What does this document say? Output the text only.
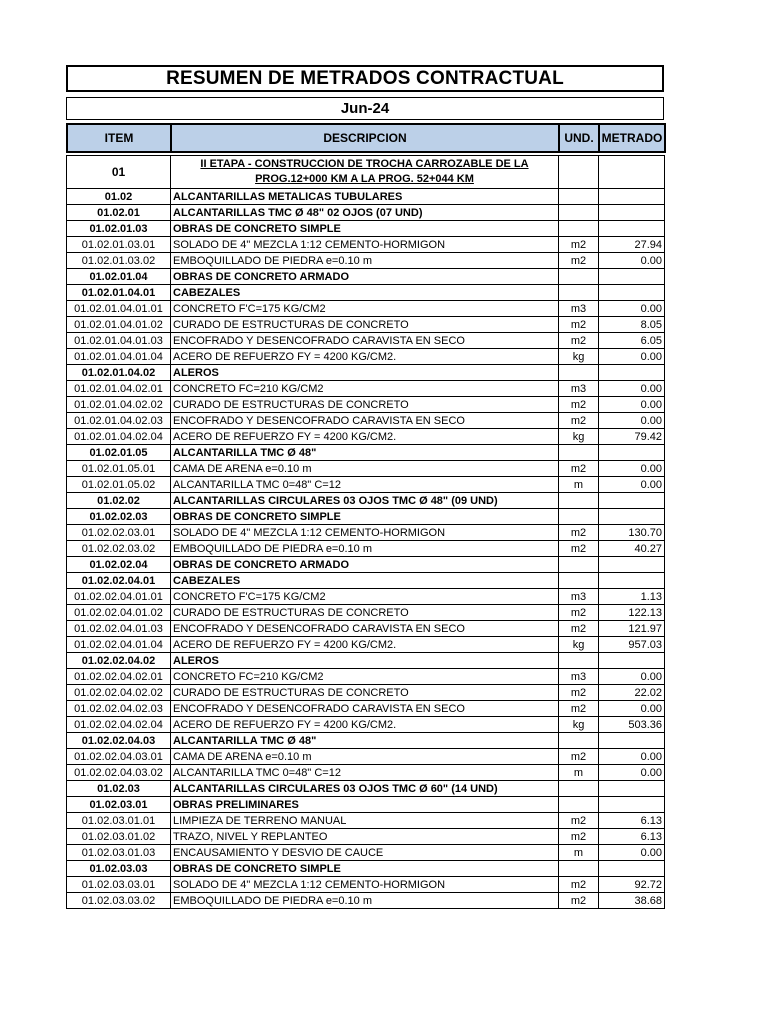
RESUMEN DE METRADOS CONTRACTUAL
Jun-24
ITEM	DESCRIPCION	UND.	METRADO
01	II ETAPA - CONSTRUCCION DE TROCHA CARROZABLE DE LA PROG.12+000 KM A LA PROG. 52+044 KM		
01.02	ALCANTARILLAS METALICAS TUBULARES		
01.02.01	ALCANTARILLAS TMC Ø 48" 02 OJOS (07 UND)		
01.02.01.03	OBRAS DE CONCRETO SIMPLE		
01.02.01.03.01	SOLADO DE 4" MEZCLA 1:12 CEMENTO-HORMIGON	m2	27.94
01.02.01.03.02	EMBOQUILLADO DE PIEDRA e=0.10 m	m2	0.00
01.02.01.04	OBRAS DE CONCRETO ARMADO		
01.02.01.04.01	CABEZALES		
01.02.01.04.01.01	CONCRETO F'C=175 KG/CM2	m3	0.00
01.02.01.04.01.02	CURADO DE ESTRUCTURAS DE CONCRETO	m2	8.05
01.02.01.04.01.03	ENCOFRADO Y DESENCOFRADO CARAVISTA EN SECO	m2	6.05
01.02.01.04.01.04	ACERO DE REFUERZO FY = 4200 KG/CM2.	kg	0.00
01.02.01.04.02	ALEROS		
01.02.01.04.02.01	CONCRETO FC=210 KG/CM2	m3	0.00
01.02.01.04.02.02	CURADO DE ESTRUCTURAS DE CONCRETO	m2	0.00
01.02.01.04.02.03	ENCOFRADO Y DESENCOFRADO CARAVISTA EN SECO	m2	0.00
01.02.01.04.02.04	ACERO DE REFUERZO FY = 4200 KG/CM2.	kg	79.42
01.02.01.05	ALCANTARILLA TMC Ø 48"		
01.02.01.05.01	CAMA DE ARENA e=0.10 m	m2	0.00
01.02.01.05.02	ALCANTARILLA TMC 0=48" C=12	m	0.00
01.02.02	ALCANTARILLAS CIRCULARES 03 OJOS TMC Ø 48" (09 UND)		
01.02.02.03	OBRAS DE CONCRETO SIMPLE		
01.02.02.03.01	SOLADO DE 4" MEZCLA 1:12 CEMENTO-HORMIGON	m2	130.70
01.02.02.03.02	EMBOQUILLADO DE PIEDRA e=0.10 m	m2	40.27
01.02.02.04	OBRAS DE CONCRETO ARMADO		
01.02.02.04.01	CABEZALES		
01.02.02.04.01.01	CONCRETO F'C=175 KG/CM2	m3	1.13
01.02.02.04.01.02	CURADO DE ESTRUCTURAS DE CONCRETO	m2	122.13
01.02.02.04.01.03	ENCOFRADO Y DESENCOFRADO CARAVISTA EN SECO	m2	121.97
01.02.02.04.01.04	ACERO DE REFUERZO FY = 4200 KG/CM2.	kg	957.03
01.02.02.04.02	ALEROS		
01.02.02.04.02.01	CONCRETO FC=210 KG/CM2	m3	0.00
01.02.02.04.02.02	CURADO DE ESTRUCTURAS DE CONCRETO	m2	22.02
01.02.02.04.02.03	ENCOFRADO Y DESENCOFRADO CARAVISTA EN SECO	m2	0.00
01.02.02.04.02.04	ACERO DE REFUERZO FY = 4200 KG/CM2.	kg	503.36
01.02.02.04.03	ALCANTARILLA TMC Ø 48"		
01.02.02.04.03.01	CAMA DE ARENA e=0.10 m	m2	0.00
01.02.02.04.03.02	ALCANTARILLA TMC 0=48" C=12	m	0.00
01.02.03	ALCANTARILLAS CIRCULARES 03 OJOS TMC Ø 60" (14 UND)		
01.02.03.01	OBRAS PRELIMINARES		
01.02.03.01.01	LIMPIEZA DE TERRENO MANUAL	m2	6.13
01.02.03.01.02	TRAZO, NIVEL Y REPLANTEO	m2	6.13
01.02.03.01.03	ENCAUSAMIENTO Y DESVIO DE CAUCE	m	0.00
01.02.03.03	OBRAS DE CONCRETO SIMPLE		
01.02.03.03.01	SOLADO DE 4" MEZCLA 1:12 CEMENTO-HORMIGON	m2	92.72
01.02.03.03.02	EMBOQUILLADO DE PIEDRA e=0.10 m	m2	38.68
